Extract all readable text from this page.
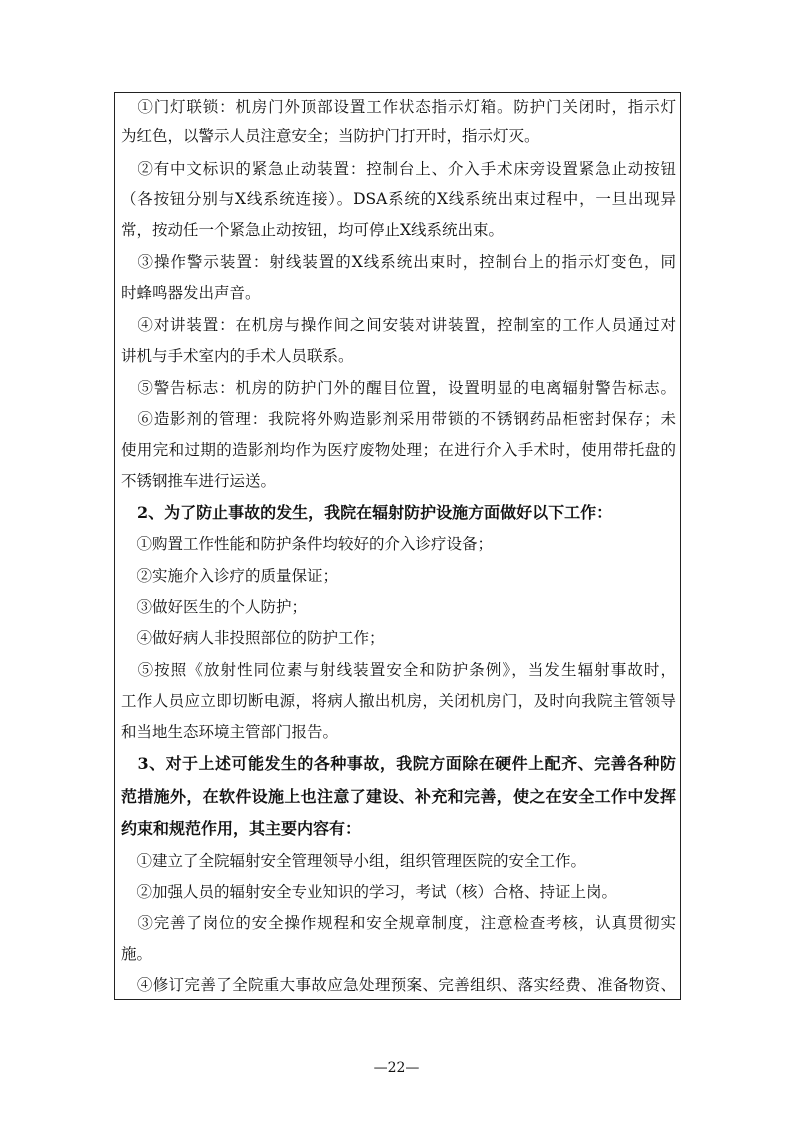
　①门灯联锁：机房门外顶部设置工作状态指示灯箱。防护门关闭时，指示灯
为红色，以警示人员注意安全；当防护门打开时，指示灯灭。
　②有中文标识的紧急止动装置：控制台上、介入手术床旁设置紧急止动按钮
（各按钮分别与X线系统连接）。DSA系统的X线系统出束过程中，一旦出现异
常，按动任一个紧急止动按钮，均可停止X线系统出束。
　③操作警示装置：射线装置的X线系统出束时，控制台上的指示灯变色，同
时蜂鸣器发出声音。
　④对讲装置：在机房与操作间之间安装对讲装置，控制室的工作人员通过对
讲机与手术室内的手术人员联系。
　⑤警告标志：机房的防护门外的醒目位置，设置明显的电离辐射警告标志。
　⑥造影剂的管理：我院将外购造影剂采用带锁的不锈钢药品柜密封保存；未
使用完和过期的造影剂均作为医疗废物处理；在进行介入手术时，使用带托盘的
不锈钢推车进行运送。
　2、为了防止事故的发生，我院在辐射防护设施方面做好以下工作：
　①购置工作性能和防护条件均较好的介入诊疗设备；
　②实施介入诊疗的质量保证；
　③做好医生的个人防护；
　④做好病人非投照部位的防护工作；
　⑤按照《放射性同位素与射线装置安全和防护条例》，当发生辐射事故时，
工作人员应立即切断电源，将病人撤出机房，关闭机房门，及时向我院主管领导
和当地生态环境主管部门报告。
　3、对于上述可能发生的各种事故，我院方面除在硬件上配齐、完善各种防
范措施外，在软件设施上也注意了建设、补充和完善，使之在安全工作中发挥
约束和规范作用，其主要内容有：
　①建立了全院辐射安全管理领导小组，组织管理医院的安全工作。
　②加强人员的辐射安全专业知识的学习，考试（核）合格、持证上岗。
　③完善了岗位的安全操作规程和安全规章制度，注意检查考核，认真贯彻实
施。
　④修订完善了全院重大事故应急处理预案、完善组织、落实经费、准备物资、
—22—
